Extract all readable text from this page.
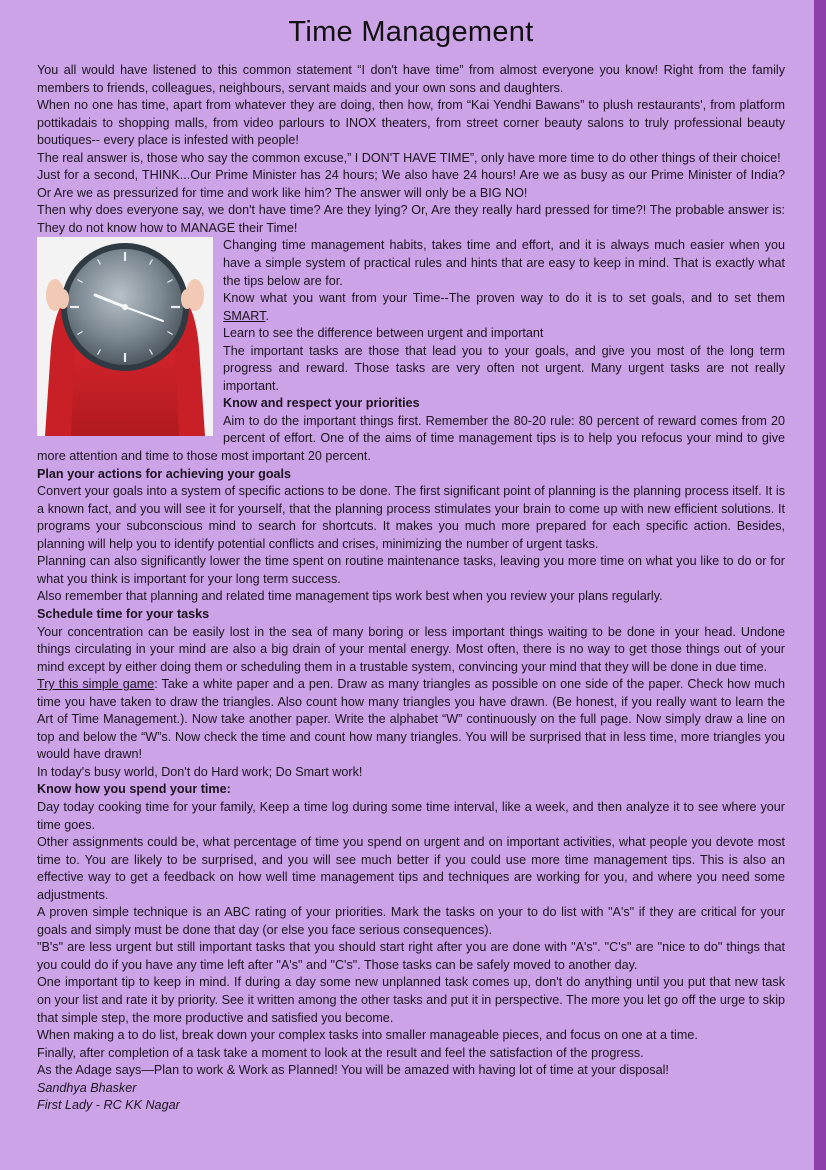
Time Management

You all would have listened to this common statement “I don't have time” from almost everyone you know! Right from the family members to friends, colleagues, neighbours, servant maids and your own sons and daughters.

When no one has time, apart from whatever they are doing, then how, from “Kai Yendhi Bawans” to plush restaurants', from platform pottikadais to shopping malls, from video parlours to INOX theaters, from street corner beauty salons to truly professional beauty boutiques-- every place is infested with people!

The real answer is, those who say the common excuse,” I DON'T HAVE TIME”, only have more time to do other things of their choice!

Just for a second, THINK...Our Prime Minister has 24 hours; We also have 24 hours! Are we as busy as our Prime Minister of India? Or Are we as pressurized for time and work like him? The answer will only be a BIG NO!

Then why does everyone say, we don't have time? Are they lying? Or, Are they really hard pressed for time?! The probable answer is: They do not know how to MANAGE their Time!

Changing time management habits, takes time and effort, and it is always much easier when you have a simple system of practical rules and hints that are easy to keep in mind. That is exactly what the tips below are for.

Know what you want from your Time--The proven way to do it is to set goals, and to set them SMART.

Learn to see the difference between urgent and important

The important tasks are those that lead you to your goals, and give you most of the long term progress and reward. Those tasks are very often not urgent. Many urgent tasks are not really important.

Know and respect your priorities

Aim to do the important things first. Remember the 80-20 rule: 80 percent of reward comes from 20 percent of effort. One of the aims of time management tips is to help you refocus your mind to give more attention and time to those most important 20 percent.

Plan your actions for achieving your goals

Convert your goals into a system of specific actions to be done. The first significant point of planning is the planning process itself. It is a known fact, and you will see it for yourself, that the planning process stimulates your brain to come up with new efficient solutions. It programs your subconscious mind to search for shortcuts. It makes you much more prepared for each specific action. Besides, planning will help you to identify potential conflicts and crises, minimizing the number of urgent tasks.

Planning can also significantly lower the time spent on routine maintenance tasks, leaving you more time on what you like to do or for what you think is important for your long term success.

Also remember that planning and related time management tips work best when you review your plans regularly.

Schedule time for your tasks

Your concentration can be easily lost in the sea of many boring or less important things waiting to be done in your head. Undone things circulating in your mind are also a big drain of your mental energy. Most often, there is no way to get those things out of your mind except by either doing them or scheduling them in a trustable system, convincing your mind that they will be done in due time.

Try this simple game: Take a white paper and a pen. Draw as many triangles as possible on one side of the paper. Check how much time you have taken to draw the triangles. Also count how many triangles you have drawn. (Be honest, if you really want to learn the Art of Time Management.). Now take another paper. Write the alphabet “W” continuously on the full page. Now simply draw a line on top and below the “W”s. Now check the time and count how many triangles. You will be surprised that in less time, more triangles you would have drawn!

In today's busy world, Don't do Hard work; Do Smart work!

Know how you spend your time:

Day today cooking time for your family, Keep a time log during some time interval, like a week, and then analyze it to see where your time goes.

Other assignments could be, what percentage of time you spend on urgent and on important activities, what people you devote most time to. You are likely to be surprised, and you will see much better if you could use more time management tips. This is also an effective way to get a feedback on how well time management tips and techniques are working for you, and where you need some adjustments.

A proven simple technique is an ABC rating of your priorities. Mark the tasks on your to do list with "A's" if they are critical for your goals and simply must be done that day (or else you face serious consequences).

"B's" are less urgent but still important tasks that you should start right after you are done with "A's". "C's" are "nice to do" things that you could do if you have any time left after "A's" and "C's". Those tasks can be safely moved to another day.

One important tip to keep in mind. If during a day some new unplanned task comes up, don't do anything until you put that new task on your list and rate it by priority. See it written among the other tasks and put it in perspective. The more you let go off the urge to skip that simple step, the more productive and satisfied you become.

When making a to do list, break down your complex tasks into smaller manageable pieces, and focus on one at a time.

Finally, after completion of a task take a moment to look at the result and feel the satisfaction of the progress.

As the Adage says—Plan to work & Work as Planned! You will be amazed with having lot of time at your disposal!

Sandhya Bhasker

First Lady - RC KK Nagar
